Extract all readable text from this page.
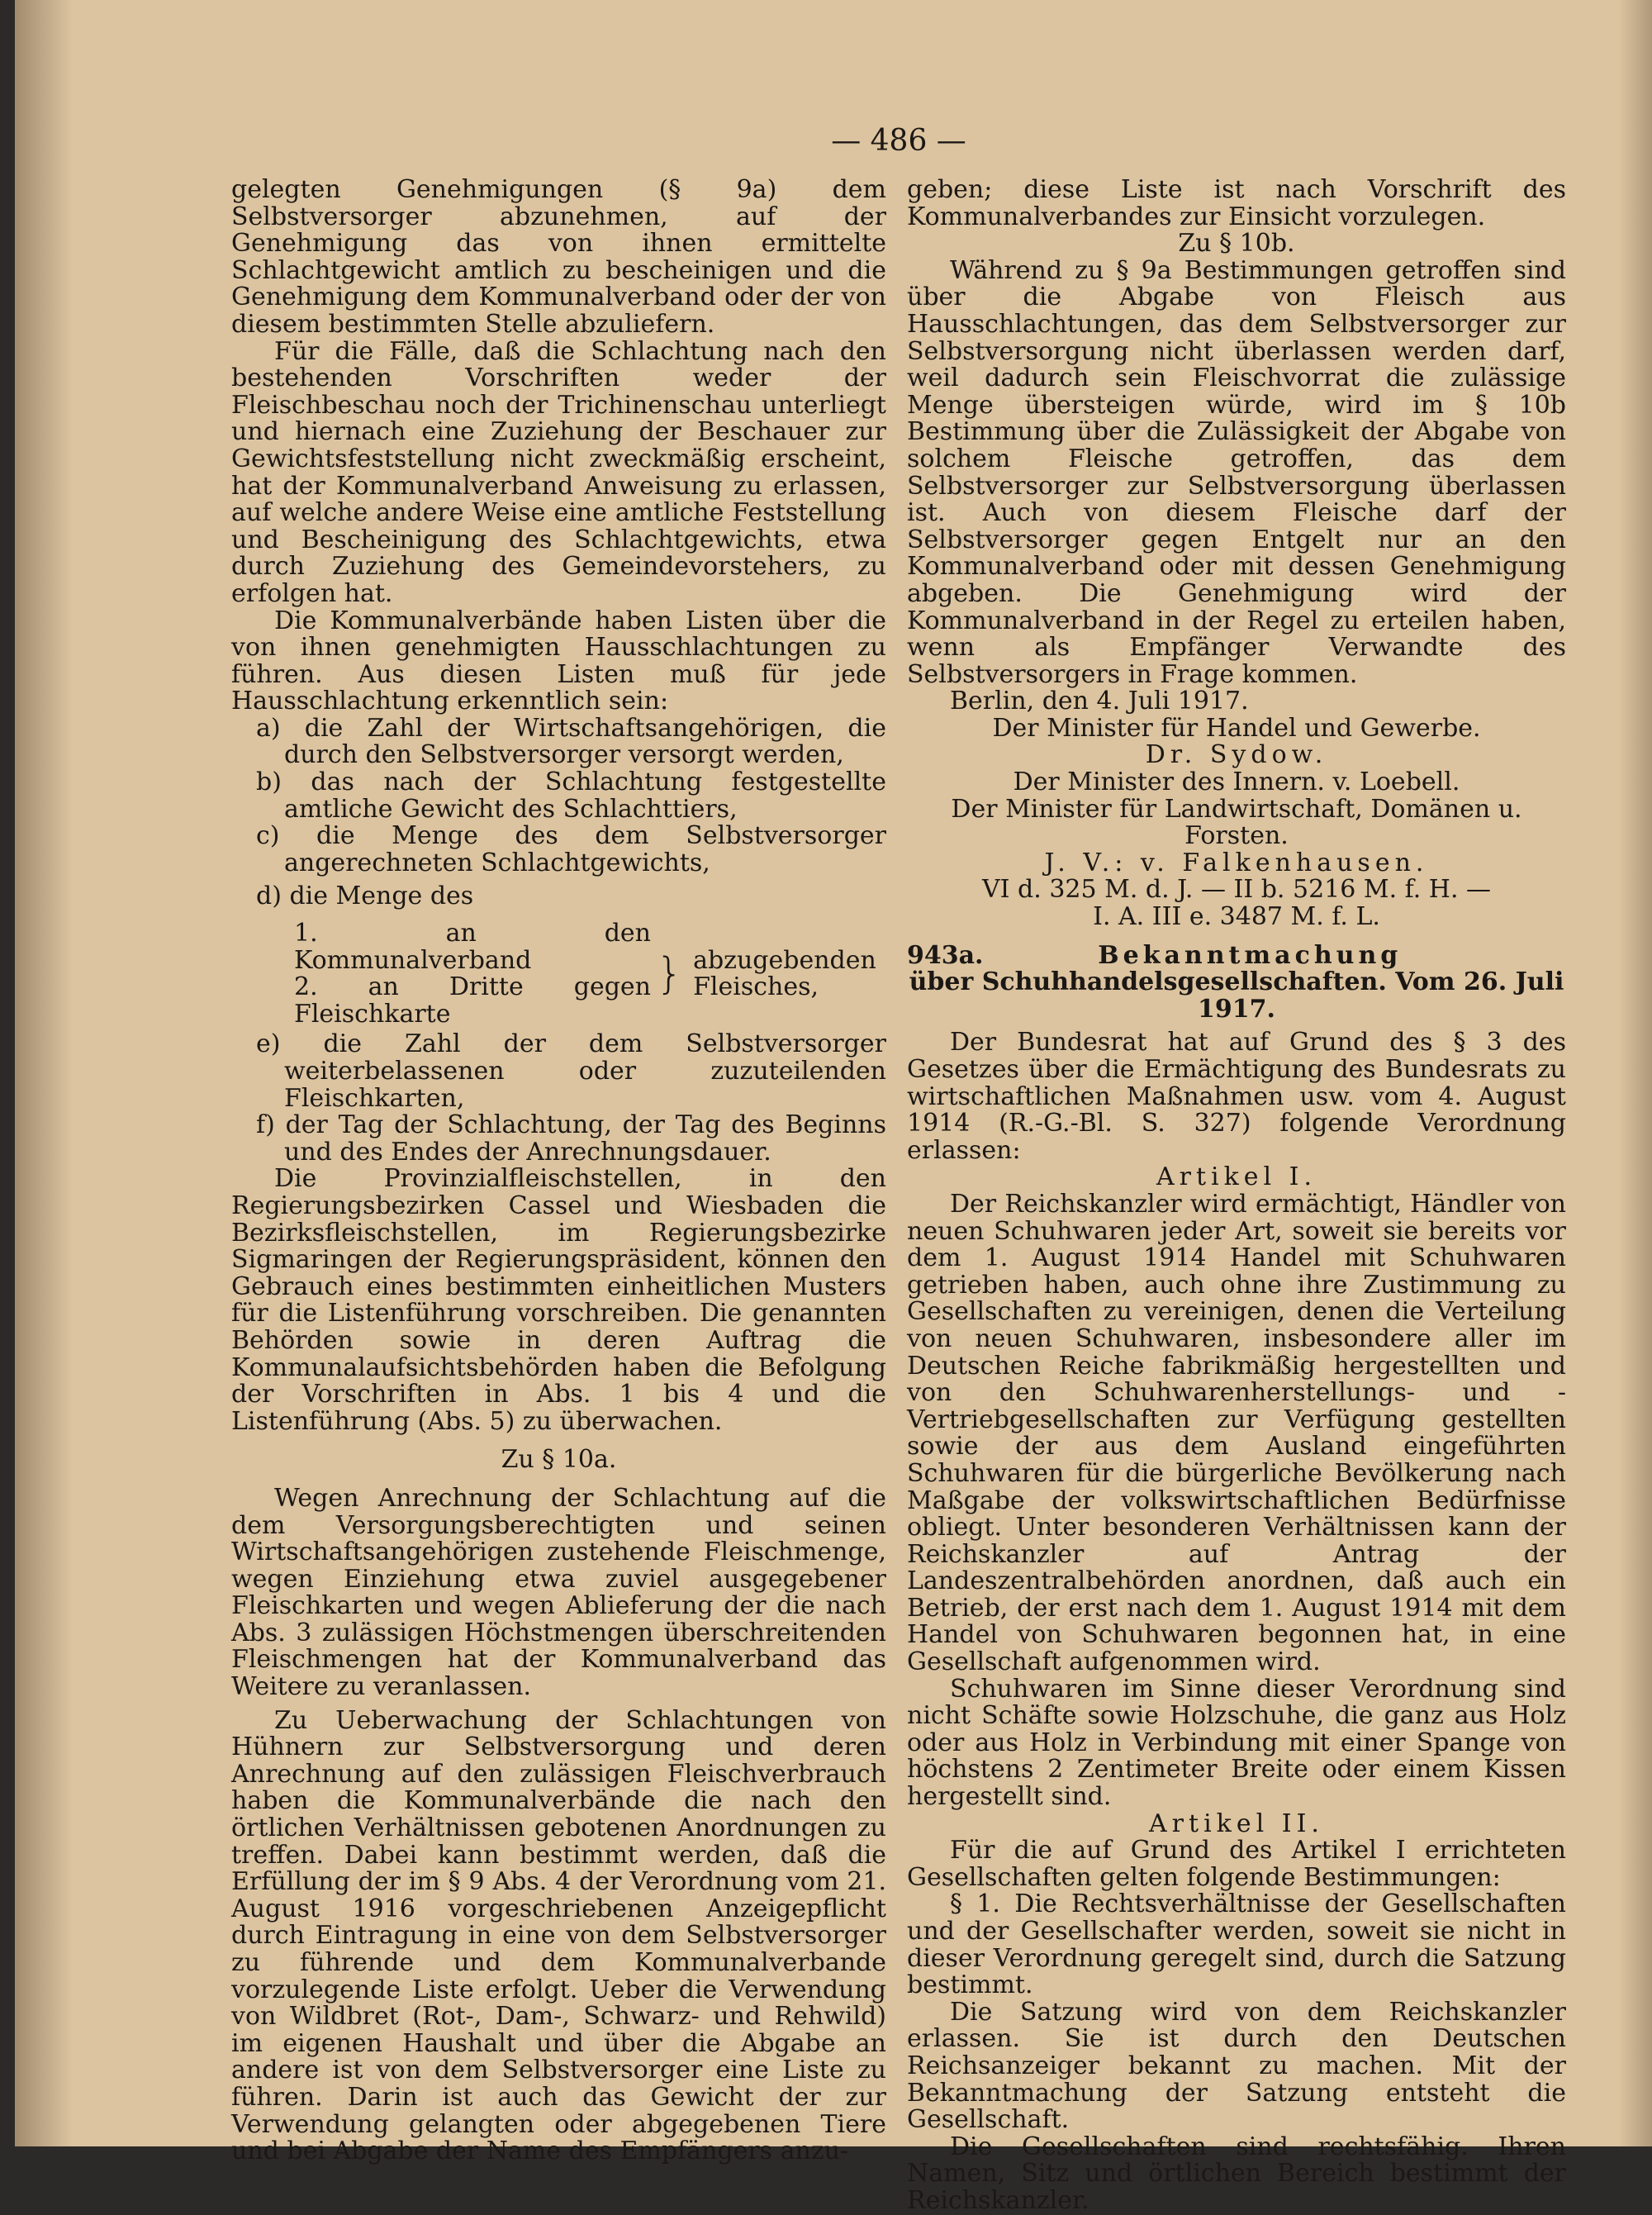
— 486 —

gelegten Genehmigungen (§ 9a) dem Selbstversorger abzunehmen, auf der Genehmigung das von ihnen ermittelte Schlachtgewicht amtlich zu bescheinigen und die Genehmigung dem Kommunalverband oder der von diesem bestimmten Stelle abzuliefern.

Für die Fälle, daß die Schlachtung nach den bestehenden Vorschriften weder der Fleischbeschau noch der Trichinenschau unterliegt und hiernach eine Zuziehung der Beschauer zur Gewichtsfeststellung nicht zweckmäßig erscheint, hat der Kommunalverband Anweisung zu erlassen, auf welche andere Weise eine amtliche Feststellung und Bescheinigung des Schlachtgewichts, etwa durch Zuziehung des Gemeindevorstehers, zu erfolgen hat.

Die Kommunalverbände haben Listen über die von ihnen genehmigten Hausschlachtungen zu führen. Aus diesen Listen muß für jede Hausschlachtung erkenntlich sein:

a) die Zahl der Wirtschaftsangehörigen, die durch den Selbstversorger versorgt werden,

b) das nach der Schlachtung festgestellte amtliche Gewicht des Schlachttiers,

c) die Menge des dem Selbstversorger angerechneten Schlachtgewichts,

d) die Menge des

1. an den Kommunalverband
2. an Dritte gegen Fleischkarte
} abzugebenden
Fleisches,

e) die Zahl der dem Selbstversorger weiterbelassenen oder zuzuteilenden Fleischkarten,

f) der Tag der Schlachtung, der Tag des Beginns und des Endes der Anrechnungsdauer.

Die Provinzialfleischstellen, in den Regierungsbezirken Cassel und Wiesbaden die Bezirksfleischstellen, im Regierungsbezirke Sigmaringen der Regierungspräsident, können den Gebrauch eines bestimmten einheitlichen Musters für die Listenführung vorschreiben. Die genannten Behörden sowie in deren Auftrag die Kommunalaufsichtsbehörden haben die Befolgung der Vorschriften in Abs. 1 bis 4 und die Listenführung (Abs. 5) zu überwachen.

Zu § 10a.

Wegen Anrechnung der Schlachtung auf die dem Versorgungsberechtigten und seinen Wirtschaftsangehörigen zustehende Fleischmenge, wegen Einziehung etwa zuviel ausgegebener Fleischkarten und wegen Ablieferung der die nach Abs. 3 zulässigen Höchstmengen überschreitenden Fleischmengen hat der Kommunalverband das Weitere zu veranlassen.

Zu Ueberwachung der Schlachtungen von Hühnern zur Selbstversorgung und deren Anrechnung auf den zulässigen Fleischverbrauch haben die Kommunalverbände die nach den örtlichen Verhältnissen gebotenen Anordnungen zu treffen. Dabei kann bestimmt werden, daß die Erfüllung der im § 9 Abs. 4 der Verordnung vom 21. August 1916 vorgeschriebenen Anzeigepflicht durch Eintragung in eine von dem Selbstversorger zu führende und dem Kommunalverbande vorzulegende Liste erfolgt. Ueber die Verwendung von Wildbret (Rot-, Dam-, Schwarz- und Rehwild) im eigenen Haushalt und über die Abgabe an andere ist von dem Selbstversorger eine Liste zu führen. Darin ist auch das Gewicht der zur Verwendung gelangten oder abgegebenen Tiere und bei Abgabe der Name des Empfängers anzu-

geben; diese Liste ist nach Vorschrift des Kommunalverbandes zur Einsicht vorzulegen.

Zu § 10b.

Während zu § 9a Bestimmungen getroffen sind über die Abgabe von Fleisch aus Hausschlachtungen, das dem Selbstversorger zur Selbstversorgung nicht überlassen werden darf, weil dadurch sein Fleischvorrat die zulässige Menge übersteigen würde, wird im § 10b Bestimmung über die Zulässigkeit der Abgabe von solchem Fleische getroffen, das dem Selbstversorger zur Selbstversorgung überlassen ist. Auch von diesem Fleische darf der Selbstversorger gegen Entgelt nur an den Kommunalverband oder mit dessen Genehmigung abgeben. Die Genehmigung wird der Kommunalverband in der Regel zu erteilen haben, wenn als Empfänger Verwandte des Selbstversorgers in Frage kommen.

Berlin, den 4. Juli 1917.

Der Minister für Handel und Gewerbe.

Dr. Sydow.

Der Minister des Innern. v. Loebell.

Der Minister für Landwirtschaft, Domänen u. Forsten.

J. V.: v. Falkenhausen.

VI d. 325 M. d. J. — II b. 5216 M. f. H. —

I. A. III e. 3487 M. f. L.

943a.	Bekanntmachung

über Schuhhandelsgesellschaften. Vom 26. Juli 1917.

Der Bundesrat hat auf Grund des § 3 des Gesetzes über die Ermächtigung des Bundesrats zu wirtschaftlichen Maßnahmen usw. vom 4. August 1914 (R.-G.-Bl. S. 327) folgende Verordnung erlassen:

Artikel I.

Der Reichskanzler wird ermächtigt, Händler von neuen Schuhwaren jeder Art, soweit sie bereits vor dem 1. August 1914 Handel mit Schuhwaren getrieben haben, auch ohne ihre Zustimmung zu Gesellschaften zu vereinigen, denen die Verteilung von neuen Schuhwaren, insbesondere aller im Deutschen Reiche fabrikmäßig hergestellten und von den Schuhwarenherstellungs- und -Vertriebgesellschaften zur Verfügung gestellten sowie der aus dem Ausland eingeführten Schuhwaren für die bürgerliche Bevölkerung nach Maßgabe der volkswirtschaftlichen Bedürfnisse obliegt. Unter besonderen Verhältnissen kann der Reichskanzler auf Antrag der Landeszentralbehörden anordnen, daß auch ein Betrieb, der erst nach dem 1. August 1914 mit dem Handel von Schuhwaren begonnen hat, in eine Gesellschaft aufgenommen wird.

Schuhwaren im Sinne dieser Verordnung sind nicht Schäfte sowie Holzschuhe, die ganz aus Holz oder aus Holz in Verbindung mit einer Spange von höchstens 2 Zentimeter Breite oder einem Kissen hergestellt sind.

Artikel II.

Für die auf Grund des Artikel I errichteten Gesellschaften gelten folgende Bestimmungen:

§ 1. Die Rechtsverhältnisse der Gesellschaften und der Gesellschafter werden, soweit sie nicht in dieser Verordnung geregelt sind, durch die Satzung bestimmt.

Die Satzung wird von dem Reichskanzler erlassen. Sie ist durch den Deutschen Reichsanzeiger bekannt zu machen. Mit der Bekanntmachung der Satzung entsteht die Gesellschaft.

Die Gesellschaften sind rechtsfähig. Ihren Namen, Sitz und örtlichen Bereich bestimmt der Reichskanzler.
